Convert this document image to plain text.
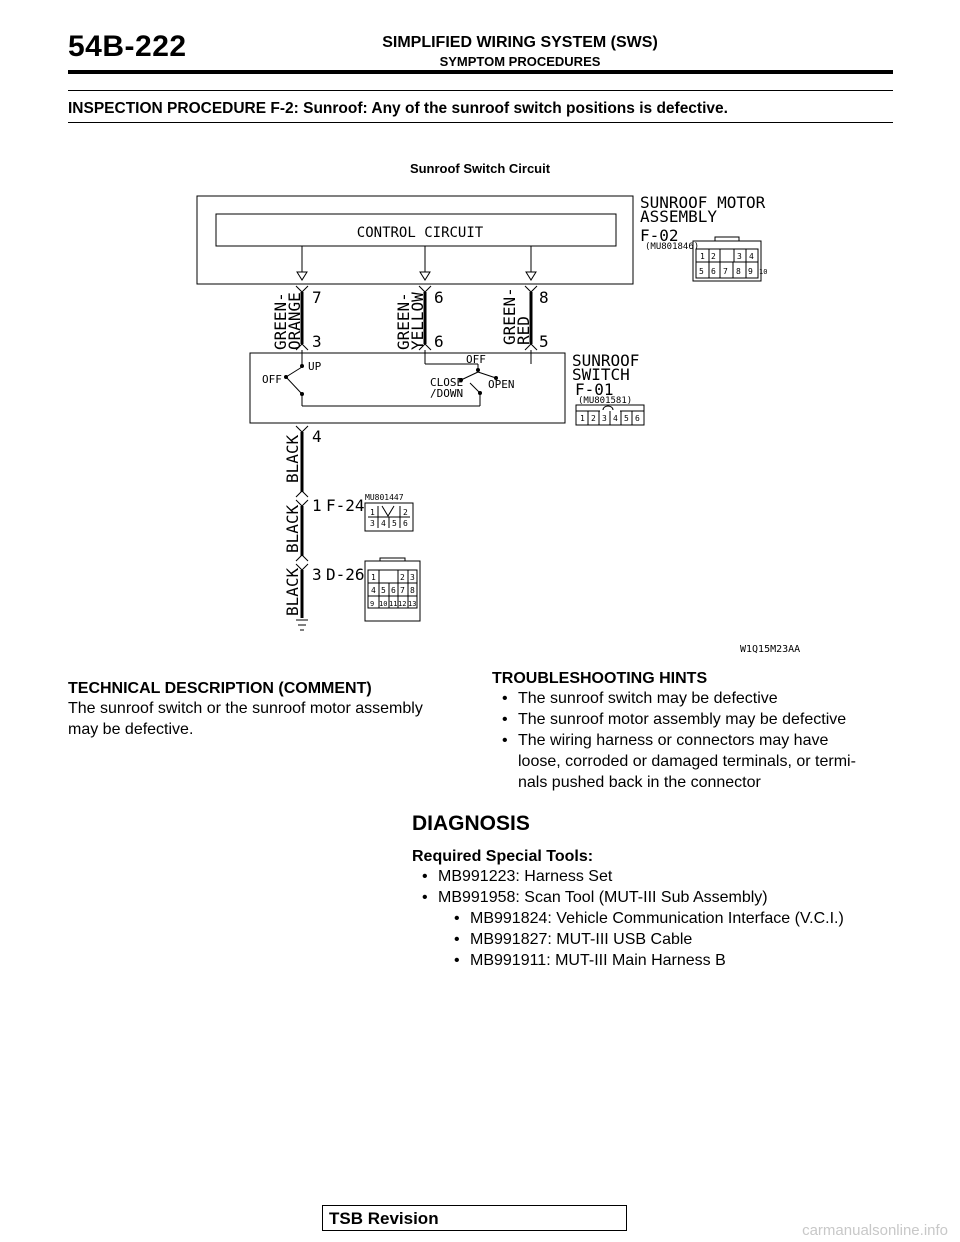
54B-222	SIMPLIFIED WIRING SYSTEM (SWS)
SYMPTOM PROCEDURES
INSPECTION PROCEDURE F-2: Sunroof: Any of the sunroof switch positions is defective.
Sunroof Switch Circuit
CONTROL CIRCUIT
SUNROOF MOTOR
ASSEMBLY
F-02
(MU801846)
1 2	3 4
5 6 7 8 9 10
GREEN-
ORANGE	GREEN-
YELLOW	GREEN-
RED
7
3
6
6
8
5
SUNROOF
SWITCH
F-01
(MU801581)
1 2 3 4 5 6
UP
OFF
OFF
CLOSE
/DOWN
OPEN
BLACK
BLACK
BLACK
4
1 F-24
3 D-26
MU801447
1	2
3 4 5 6
1	2 3
4 5 6 7 8
9 10 11 12 13
W1Q15M23AA
TECHNICAL DESCRIPTION (COMMENT)
The sunroof switch or the sunroof motor assembly
may be defective.
TROUBLESHOOTING HINTS
• The sunroof switch may be defective
• The sunroof motor assembly may be defective
• The wiring harness or connectors may have
loose, corroded or damaged terminals, or termi-
nals pushed back in the connector
DIAGNOSIS
Required Special Tools:
• MB991223: Harness Set
• MB991958: Scan Tool (MUT-III Sub Assembly)
• MB991824: Vehicle Communication Interface (V.C.I.)
• MB991827: MUT-III USB Cable
• MB991911: MUT-III Main Harness B
TSB Revision
carmanualsonline.info
